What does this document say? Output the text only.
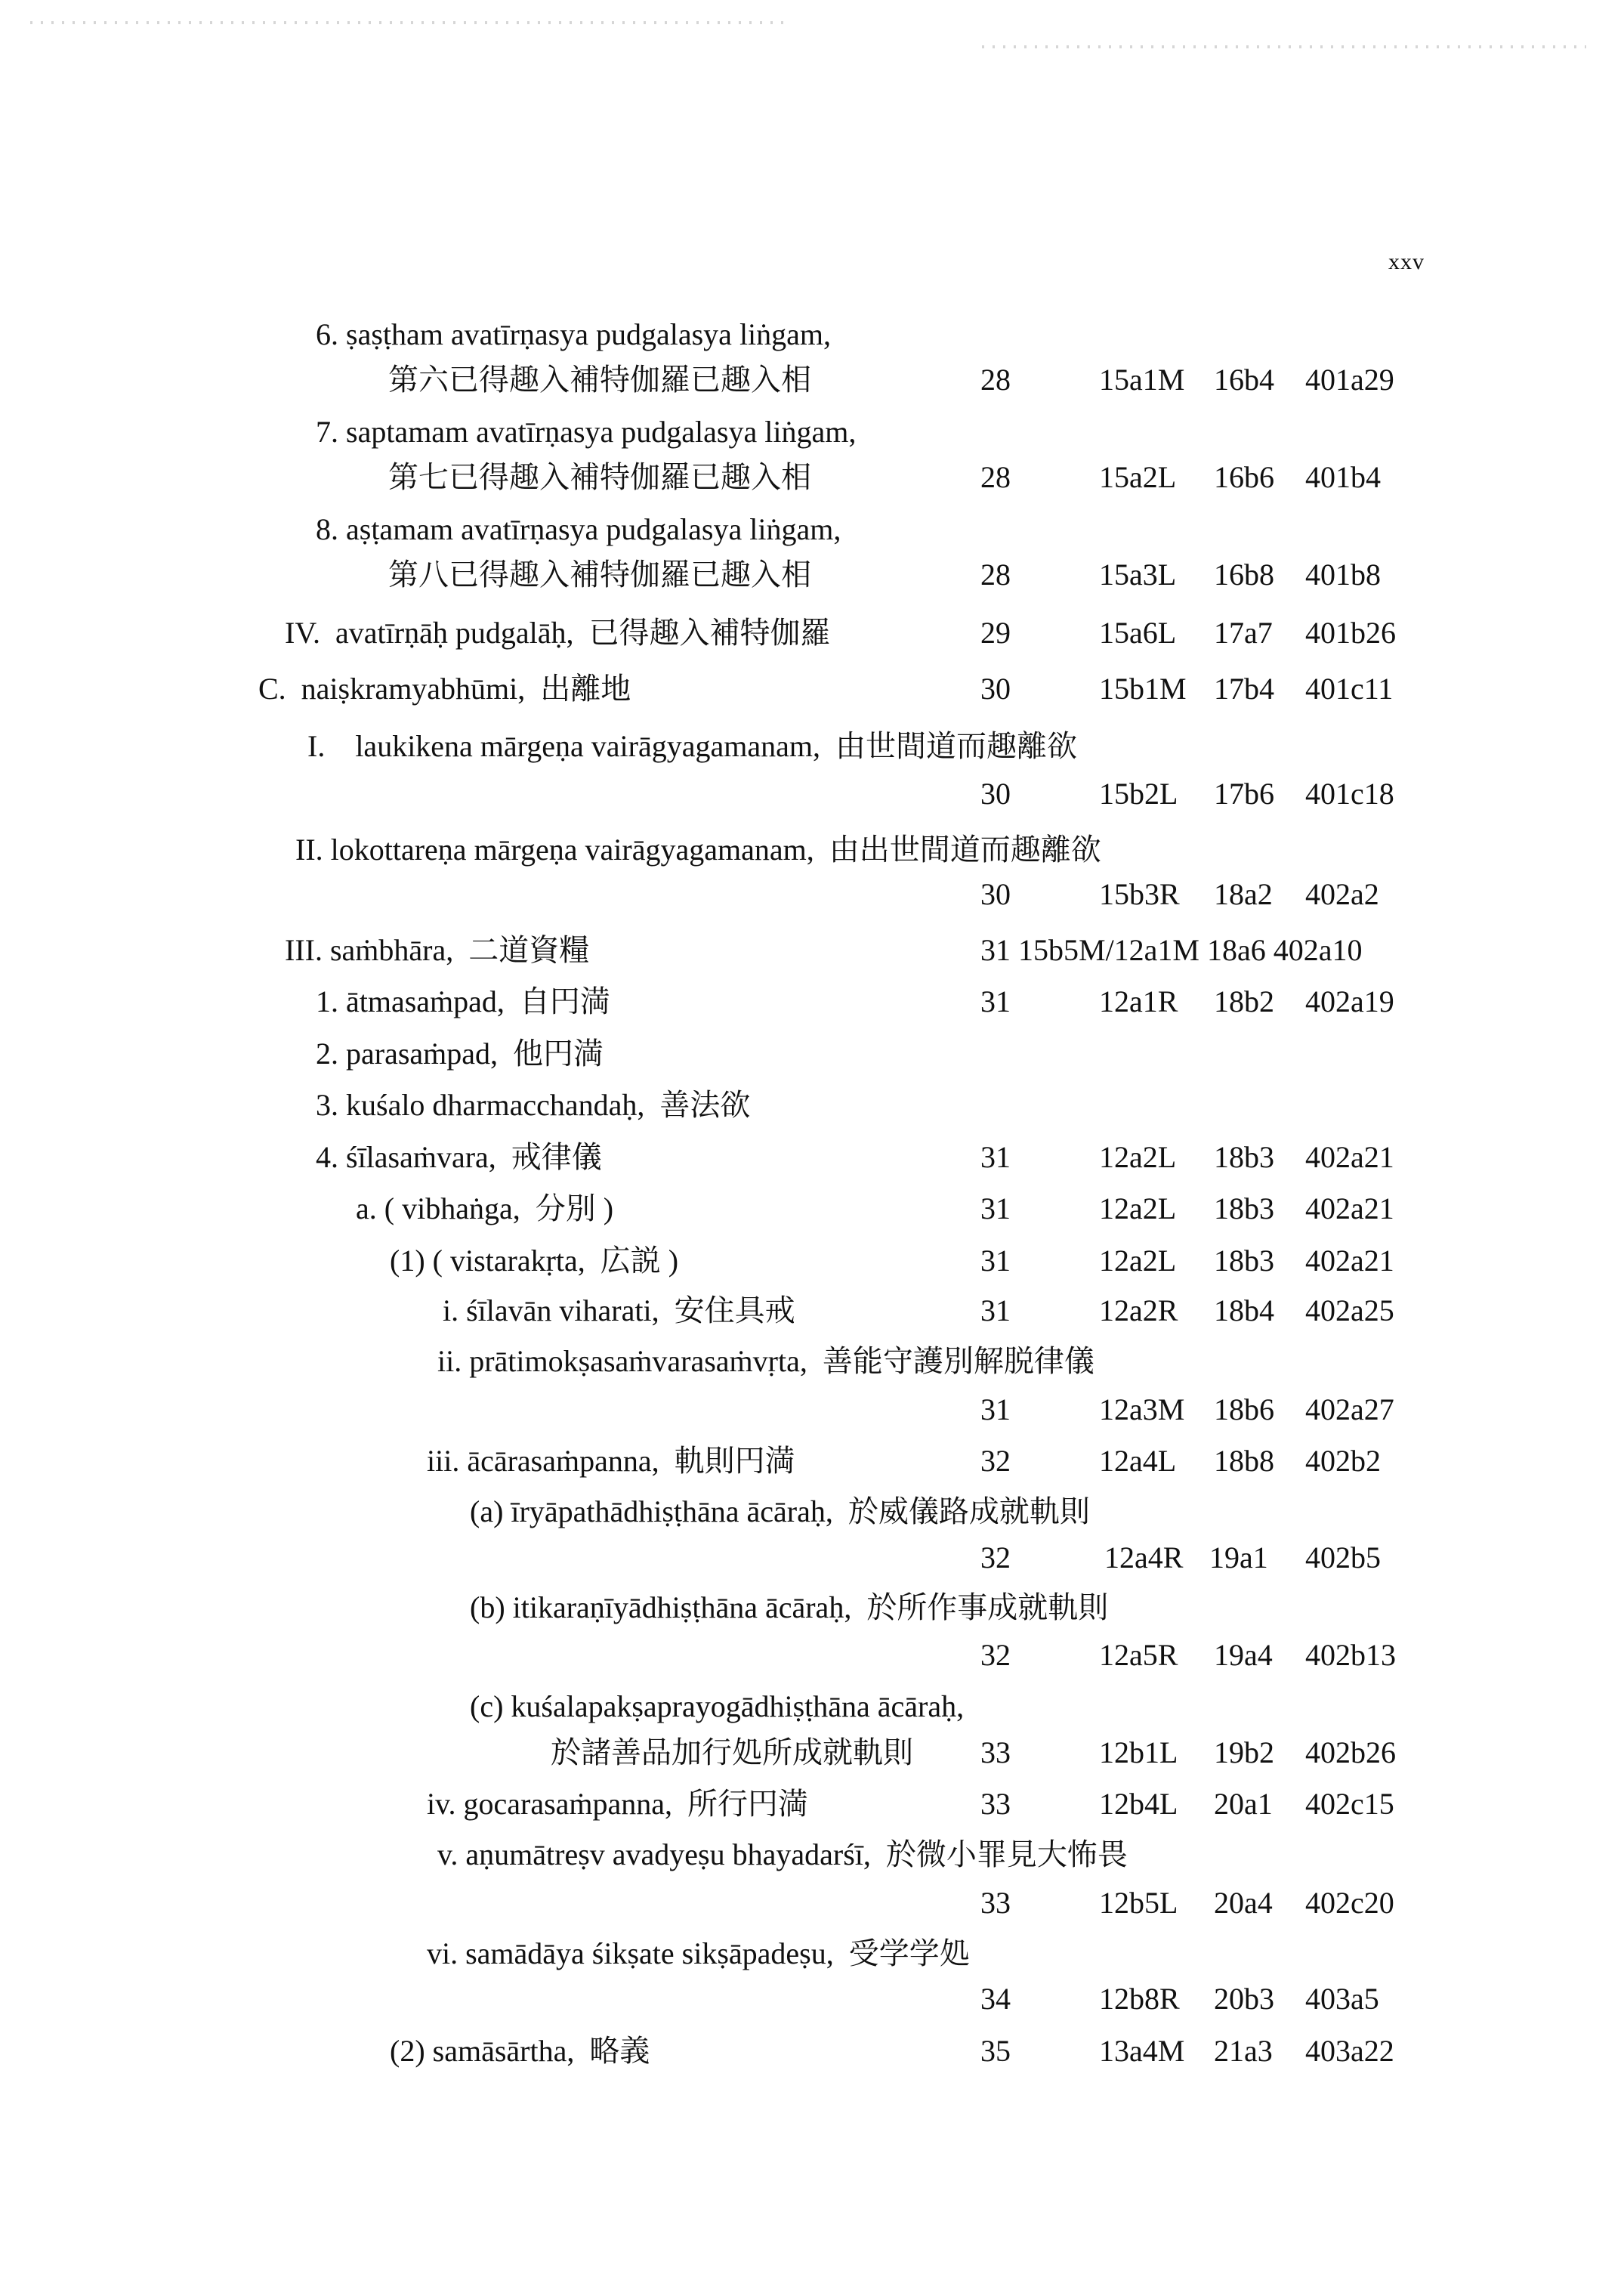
xxv
6. ṣaṣṭham avatīrṇasya pudgalasya liṅgam,
第六已得趣入補特伽羅已趣入相	28	15a1M 16b4 401a29
7. saptamam avatīrṇasya pudgalasya liṅgam,
第七已得趣入補特伽羅已趣入相	28	15a2L 16b6 401b4
8. aṣṭamam avatīrṇasya pudgalasya liṅgam,
第八已得趣入補特伽羅已趣入相	28	15a3L 16b8 401b8
IV.  avatīrṇāḥ pudgalāḥ,  已得趣入補特伽羅	29	15a6L 17a7 401b26
C.  naiṣkramyabhūmi,  出離地	30	15b1M 17b4 401c11
I.    laukikena mārgeṇa vairāgyagamanam,  由世間道而趣離欲
30	15b2L 17b6 401c18
II. lokottareṇa mārgeṇa vairāgyagamanam,  由出世間道而趣離欲
30	15b3R 18a2 402a2
III. saṁbhāra,  二道資糧	31 15b5M/12a1M 18a6 402a10
1. ātmasaṁpad,  自円満	31	12a1R 18b2 402a19
2. parasaṁpad,  他円満
3. kuśalo dharmacchandaḥ,  善法欲
4. śīlasaṁvara,  戒律儀	31	12a2L 18b3 402a21
a. ( vibhaṅga,  分別 )	31	12a2L 18b3 402a21
(1) ( vistarakṛta,  広説 )	31	12a2L 18b3 402a21
i. śīlavān viharati,  安住具戒	31	12a2R 18b4 402a25
ii. prātimokṣasaṁvarasaṁvṛta,  善能守護別解脱律儀
31	12a3M 18b6 402a27
iii. ācārasaṁpanna,  軌則円満	32	12a4L 18b8 402b2
(a) īryāpathādhiṣṭhāna ācāraḥ,  於威儀路成就軌則
32	12a4R 19a1 402b5
(b) itikaraṇīyādhiṣṭhāna ācāraḥ,  於所作事成就軌則
32	12a5R 19a4 402b13
(c) kuśalapakṣaprayogādhiṣṭhāna ācāraḥ,
於諸善品加行処所成就軌則 33	12b1L 19b2 402b26
iv. gocarasaṁpanna,  所行円満	33	12b4L 20a1 402c15
v. aṇumātreṣv avadyeṣu bhayadarśī,  於微小罪見大怖畏
33	12b5L 20a4 402c20
vi. samādāya śikṣate sikṣāpadeṣu,  受学学処
34	12b8R 20b3 403a5
(2) samāsārtha,  略義	35	13a4M 21a3 403a22
